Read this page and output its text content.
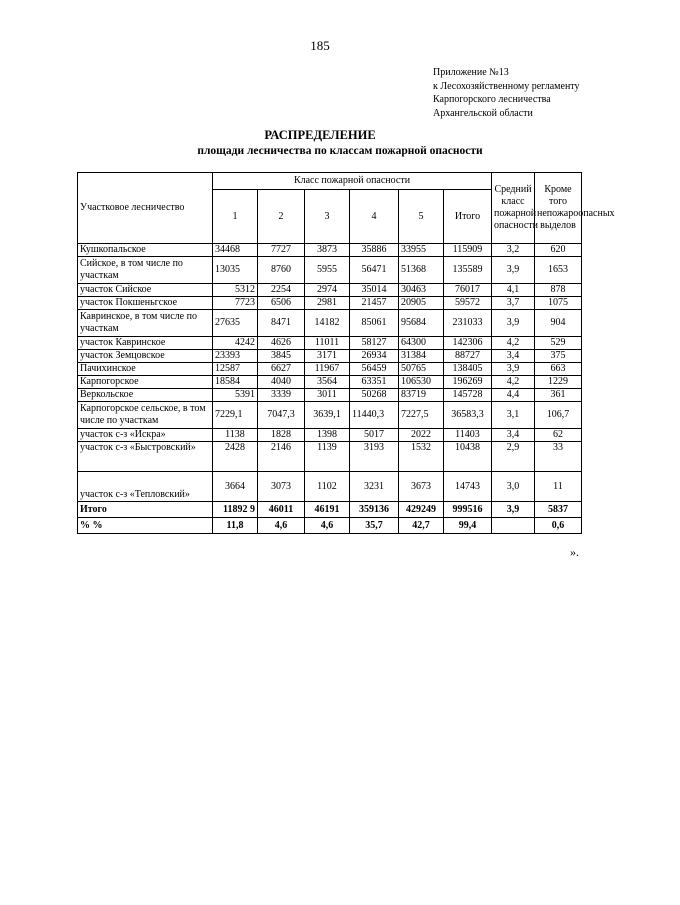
185
Приложение №13
к Лесохозяйственному регламенту
Карпогорского лесничества
Архангельской области
РАСПРЕДЕЛЕНИЕ
площади лесничества по классам пожарной опасности
Участковое лесничество	Класс пожарной опасности						Средний класс пожарной опасности	Кроме того непожароопасных выделов
	1	2	3	4	5	Итого		
Кушкопальское	34468	7727	3873	35886	33955	115909	3,2	620
Сийское, в том числе по участкам	13035	8760	5955	56471	51368	135589	3,9	1653
участок Сийское	5312	2254	2974	35014	30463	76017	4,1	878
участок Покшеньгское	7723	6506	2981	21457	20905	59572	3,7	1075
Кавринское, в том числе по участкам	27635	8471	14182	85061	95684	231033	3,9	904
участок Кавринское	4242	4626	11011	58127	64300	142306	4,2	529
участок Земцовское	23393	3845	3171	26934	31384	88727	3,4	375
Пачихинское	12587	6627	11967	56459	50765	138405	3,9	663
Карпогорское	18584	4040	3564	63351	106530	196269	4,2	1229
Веркольское	5391	3339	3011	50268	83719	145728	4,4	361
Карпогорское сельское, в том числе по участкам	7229,1	7047,3	3639,1	11440,3	7227,5	36583,3	3,1	106,7
участок с-з «Искра»	1138	1828	1398	5017	2022	11403	3,4	62
участок с-з «Быстровский»	2428	2146	1139	3193	1532	10438	2,9	33
участок с-з «Тепловский»	3664	3073	1102	3231	3673	14743	3,0	11
Итого	11892 9	46011	46191	359136	429249	999516	3,9	5837
% %	11,8	4,6	4,6	35,7	42,7	99,4		0,6
».
